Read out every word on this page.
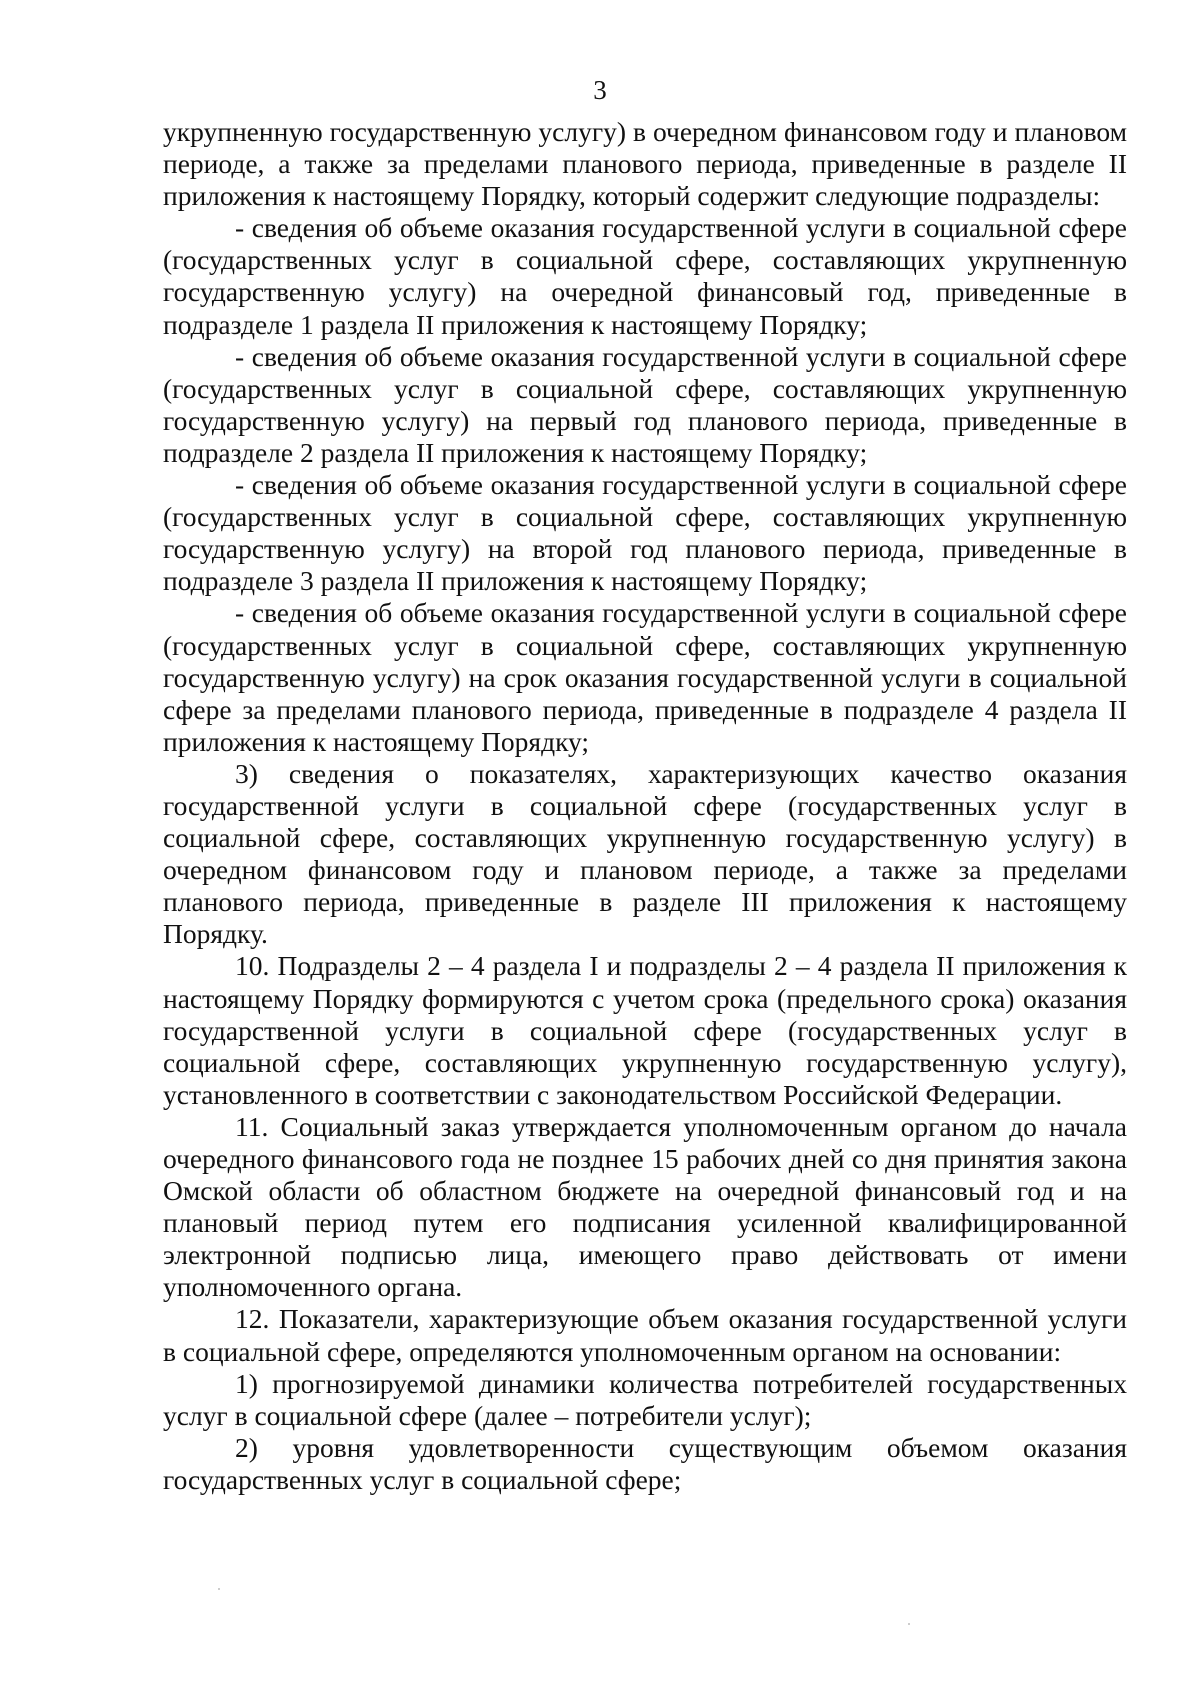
3

укрупненную государственную услугу) в очередном финансовом году и плановом периоде, а также за пределами планового периода, приведенные в разделе II приложения к настоящему Порядку, который содержит следующие подразделы:

- сведения об объеме оказания государственной услуги в социальной сфере (государственных услуг в социальной сфере, составляющих укрупненную государственную услугу) на очередной финансовый год, приведенные в подразделе 1 раздела II приложения к настоящему Порядку;

- сведения об объеме оказания государственной услуги в социальной сфере (государственных услуг в социальной сфере, составляющих укрупненную государственную услугу) на первый год планового периода, приведенные в подразделе 2 раздела II приложения к настоящему Порядку;

- сведения об объеме оказания государственной услуги в социальной сфере (государственных услуг в социальной сфере, составляющих укрупненную государственную услугу) на второй год планового периода, приведенные в подразделе 3 раздела II приложения к настоящему Порядку;

- сведения об объеме оказания государственной услуги в социальной сфере (государственных услуг в социальной сфере, составляющих укрупненную государственную услугу) на срок оказания государственной услуги в социальной сфере за пределами планового периода, приведенные в подразделе 4 раздела II приложения к настоящему Порядку;

3) сведения о показателях, характеризующих качество оказания государственной услуги в социальной сфере (государственных услуг в социальной сфере, составляющих укрупненную государственную услугу) в очередном финансовом году и плановом периоде, а также за пределами планового периода, приведенные в разделе III приложения к настоящему Порядку.

10. Подразделы 2 – 4 раздела I и подразделы 2 – 4 раздела II приложения к настоящему Порядку формируются с учетом срока (предельного срока) оказания государственной услуги в социальной сфере (государственных услуг в социальной сфере, составляющих укрупненную государственную услугу), установленного в соответствии с законодательством Российской Федерации.

11. Социальный заказ утверждается уполномоченным органом до начала очередного финансового года не позднее 15 рабочих дней со дня принятия закона Омской области об областном бюджете на очередной финансовый год и на плановый период путем его подписания усиленной квалифицированной электронной подписью лица, имеющего право действовать от имени уполномоченного органа.

12. Показатели, характеризующие объем оказания государственной услуги в социальной сфере, определяются уполномоченным органом на основании:

1) прогнозируемой динамики количества потребителей государственных услуг в социальной сфере (далее – потребители услуг);

2) уровня удовлетворенности существующим объемом оказания государственных услуг в социальной сфере;
